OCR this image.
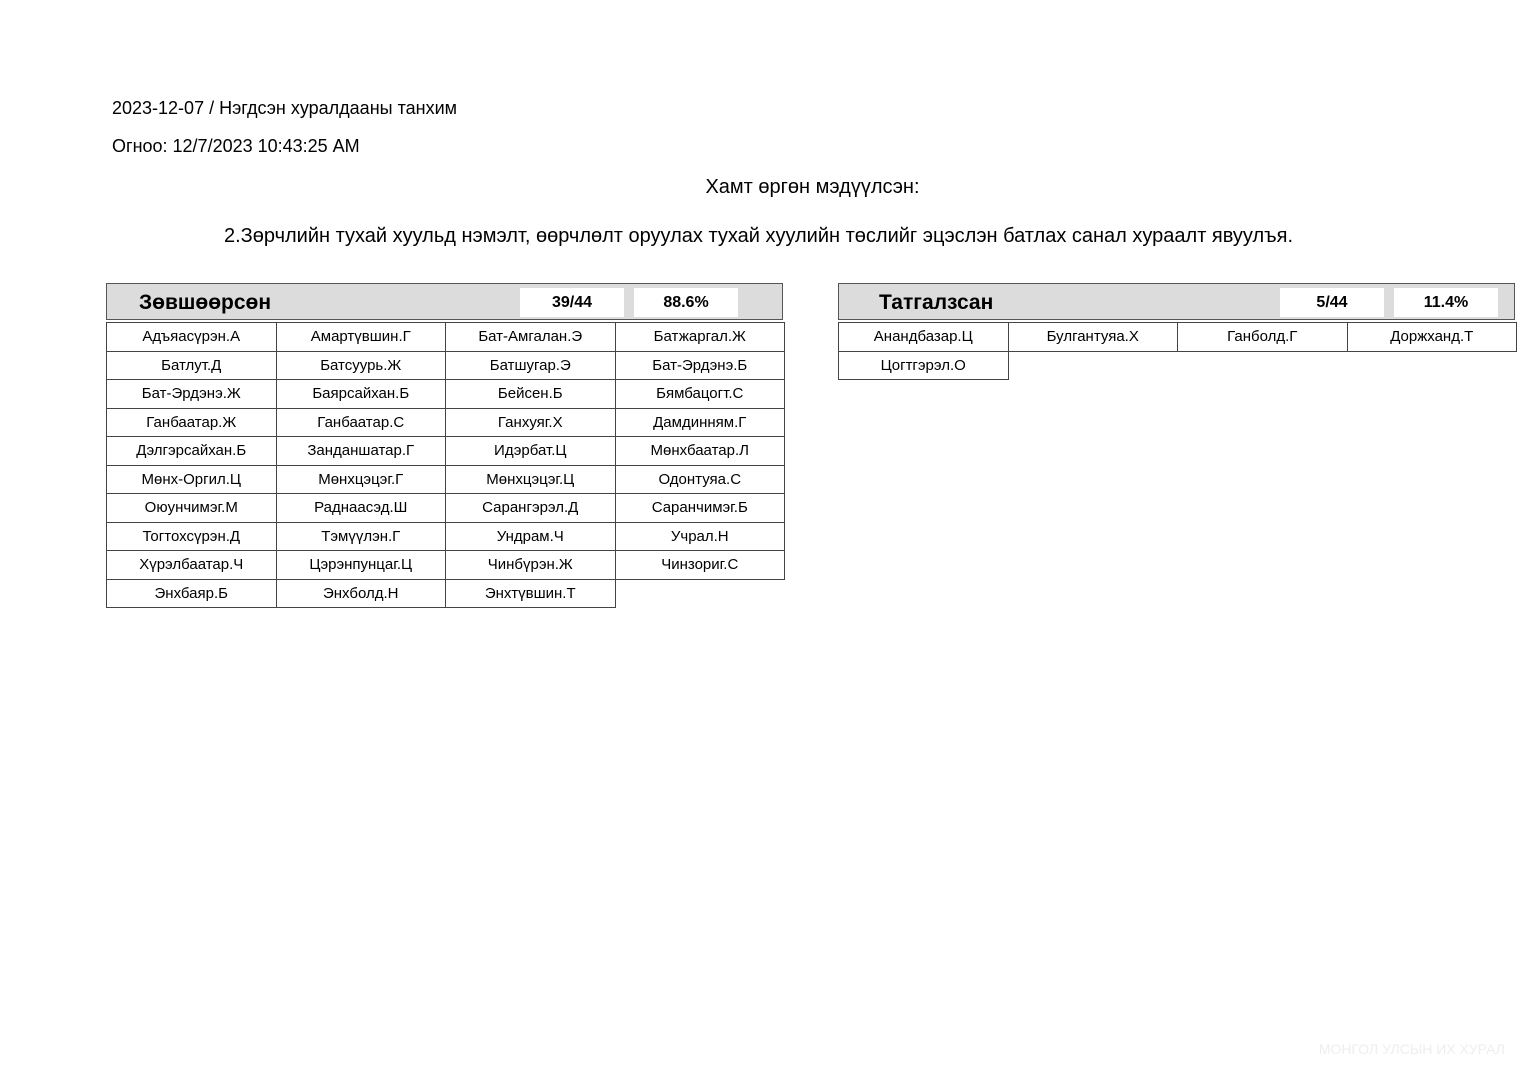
2023-12-07 / Нэгдсэн хуралдааны танхим
Огноо: 12/7/2023 10:43:25 AM
Хамт өргөн мэдүүлсэн:
2.Зөрчлийн тухай хуульд нэмэлт, өөрчлөлт оруулах тухай хуулийн төслийг эцэслэн батлах санал хураалт явуулъя.
Зөвшөөрсөн	39/44	88.6%
Адъяасүрэн.А	Амартүвшин.Г	Бат-Амгалан.Э	Батжаргал.Ж
Батлут.Д	Батсуурь.Ж	Батшугар.Э	Бат-Эрдэнэ.Б
Бат-Эрдэнэ.Ж	Баярсайхан.Б	Бейсен.Б	Бямбацогт.С
Ганбаатар.Ж	Ганбаатар.С	Ганхуяг.Х	Дамдинням.Г
Дэлгэрсайхан.Б	Занданшатар.Г	Идэрбат.Ц	Мөнхбаатар.Л
Мөнх-Оргил.Ц	Мөнхцэцэг.Г	Мөнхцэцэг.Ц	Одонтуяа.С
Оюунчимэг.М	Раднаасэд.Ш	Сарангэрэл.Д	Саранчимэг.Б
Тогтохсүрэн.Д	Тэмүүлэн.Г	Ундрам.Ч	Учрал.Н
Хүрэлбаатар.Ч	Цэрэнпунцаг.Ц	Чинбүрэн.Ж	Чинзориг.С
Энхбаяр.Б	Энхболд.Н	Энхтүвшин.Т
Татгалзсан	5/44	11.4%
Анандбазар.Ц	Булгантуяа.Х	Ганболд.Г	Доржханд.Т
Цогтгэрэл.О
МОНГОЛ УЛСЫН ИХ ХУРАЛ
